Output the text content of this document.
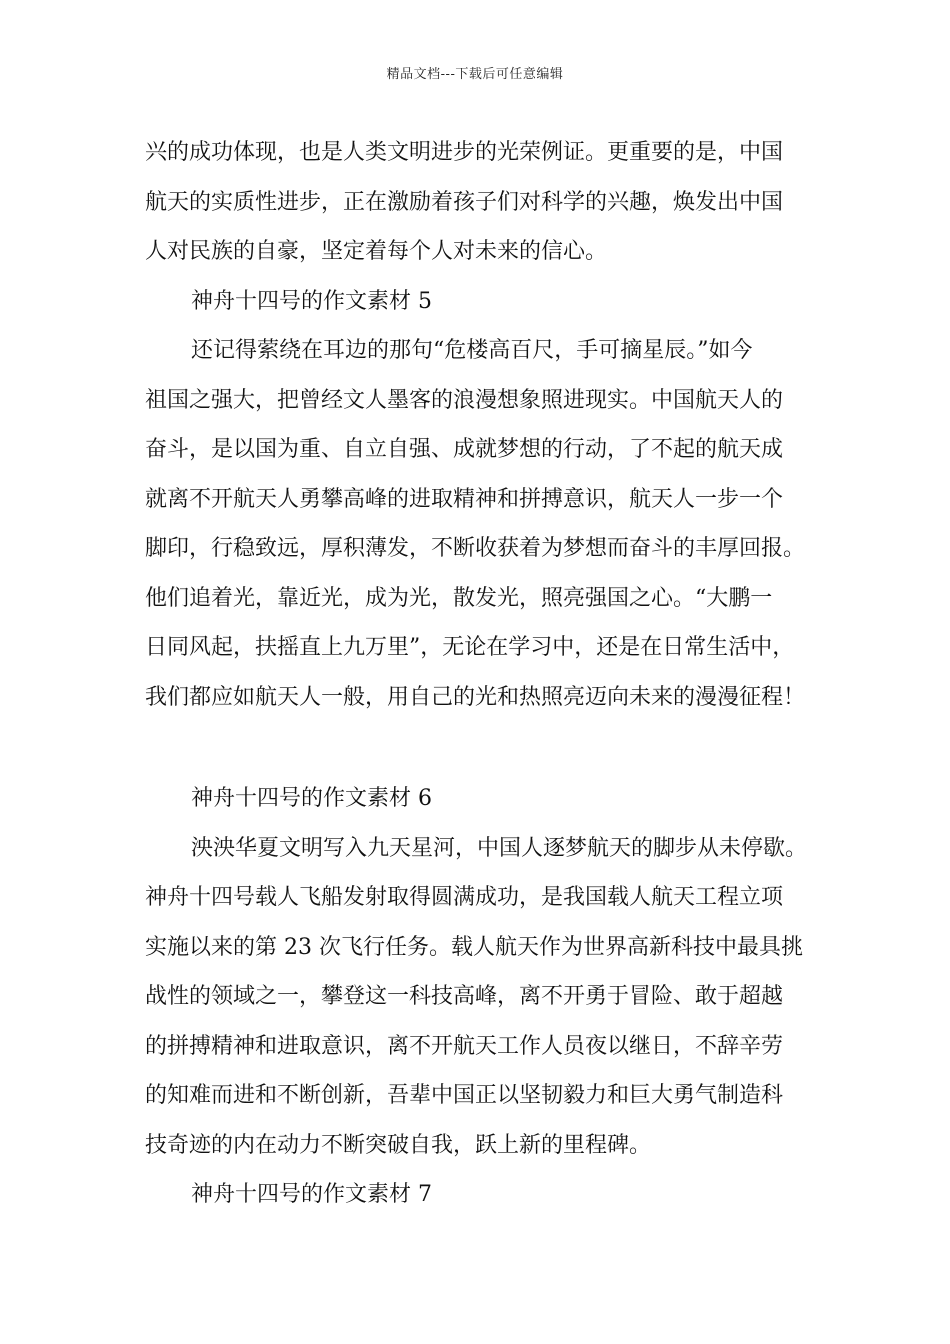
精品文档---下载后可任意编辑
兴的成功体现，也是人类文明进步的光荣例证。更重要的是，中国
航天的实质性进步，正在激励着孩子们对科学的兴趣，焕发出中国
人对民族的自豪，坚定着每个人对未来的信心。
神舟十四号的作文素材 5
还记得萦绕在耳边的那句“危楼高百尺，手可摘星辰。”如今
祖国之强大，把曾经文人墨客的浪漫想象照进现实。中国航天人的
奋斗，是以国为重、自立自强、成就梦想的行动，了不起的航天成
就离不开航天人勇攀高峰的进取精神和拼搏意识，航天人一步一个
脚印，行稳致远，厚积薄发，不断收获着为梦想而奋斗的丰厚回报。
他们追着光，靠近光，成为光，散发光，照亮强国之心。“大鹏一
日同风起，扶摇直上九万里”，无论在学习中，还是在日常生活中，
我们都应如航天人一般，用自己的光和热照亮迈向未来的漫漫征程！
神舟十四号的作文素材 6
泱泱华夏文明写入九天星河，中国人逐梦航天的脚步从未停歇。
神舟十四号载人飞船发射取得圆满成功，是我国载人航天工程立项
实施以来的第 23 次飞行任务。载人航天作为世界高新科技中最具挑
战性的领域之一，攀登这一科技高峰，离不开勇于冒险、敢于超越
的拼搏精神和进取意识，离不开航天工作人员夜以继日，不辞辛劳
的知难而进和不断创新，吾辈中国正以坚韧毅力和巨大勇气制造科
技奇迹的内在动力不断突破自我，跃上新的里程碑。
神舟十四号的作文素材 7
